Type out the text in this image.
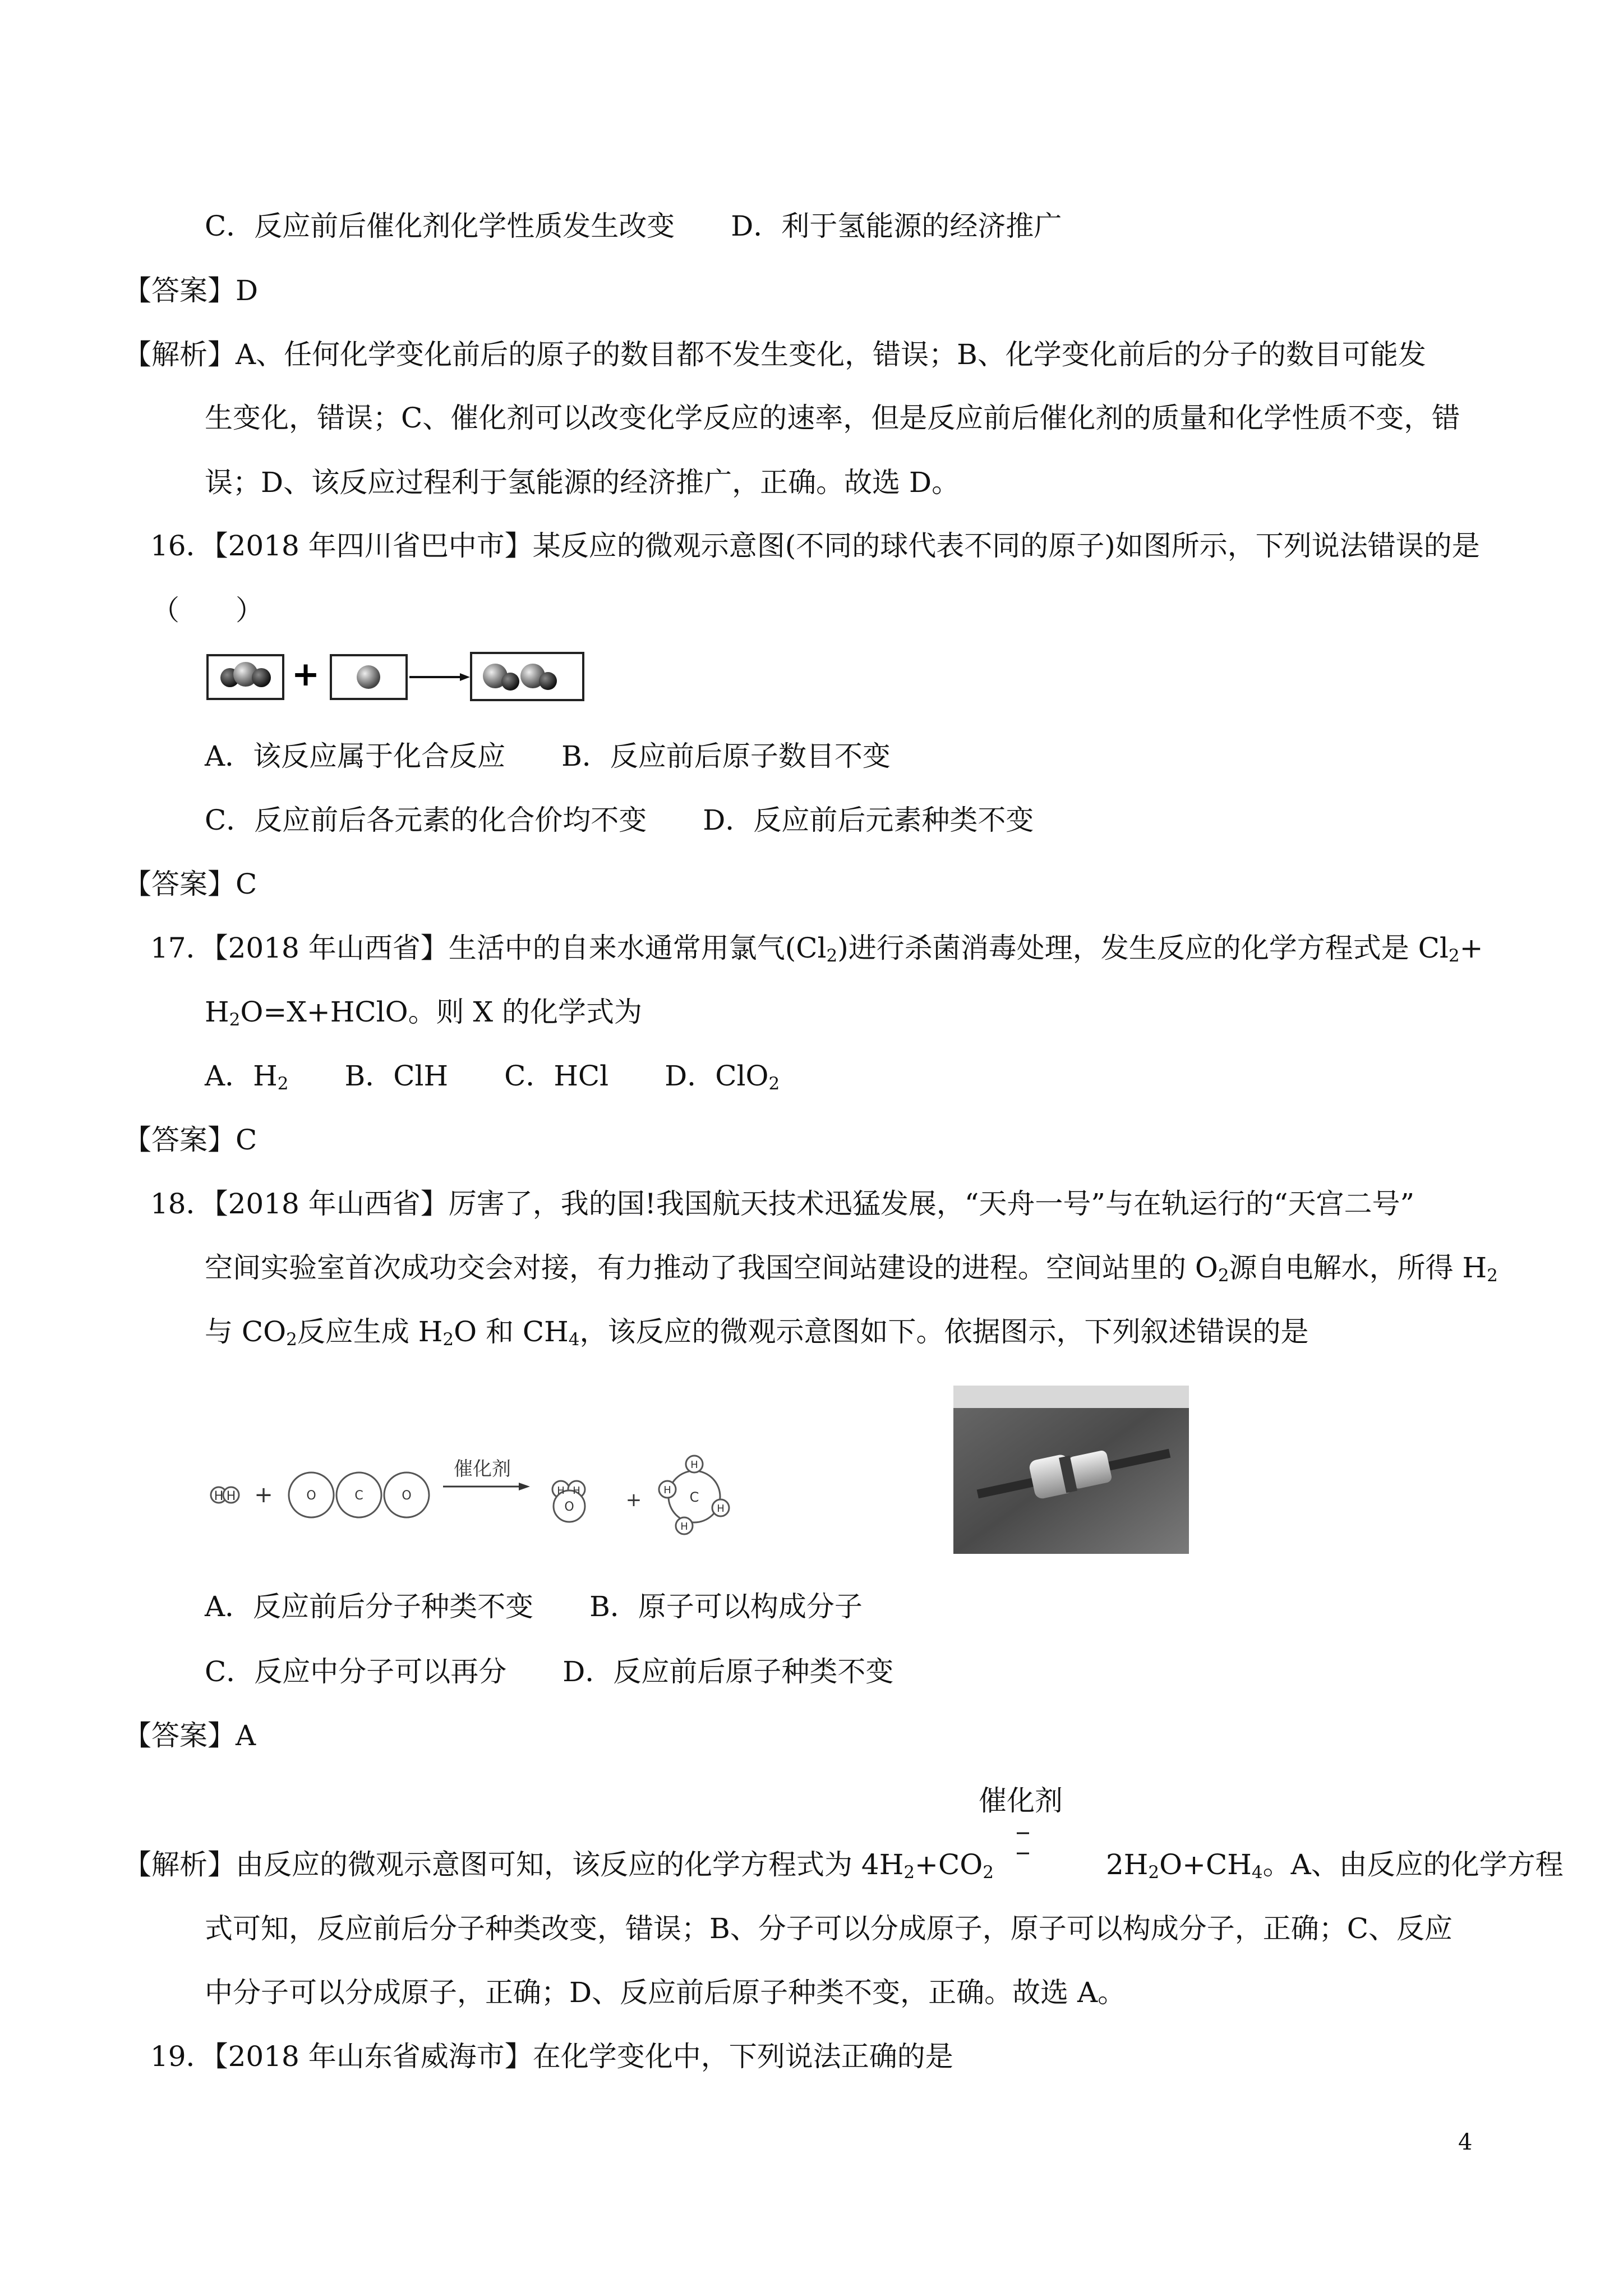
C．反应前后催化剂化学性质发生改变　　D．利于氢能源的经济推广
【答案】D
【解析】A、任何化学变化前后的原子的数目都不发生变化，错误；B、化学变化前后的分子的数目可能发
生变化，错误；C、催化剂可以改变化学反应的速率，但是反应前后催化剂的质量和化学性质不变，错
误；D、该反应过程利于氢能源的经济推广，正确。故选 D。
16．【2018 年四川省巴中市】某反应的微观示意图(不同的球代表不同的原子)如图所示，下列说法错误的是
（　　）
+
A．该反应属于化合反应　　B．反应前后原子数目不变
C．反应前后各元素的化合价均不变　　D．反应前后元素种类不变
【答案】C
17．【2018 年山西省】生活中的自来水通常用氯气$(Cl_2)$进行杀菌消毒处理，发生反应的化学方程式是 $Cl_2+$
$H_2O=X+HClO$。则 X 的化学式为
A．$H_2$　　 B．ClH　　 C．HCl　　 D．ClO$_2$
【答案】C
18．【2018 年山西省】厉害了，我的国!我国航天技术迅猛发展，“天舟一号”与在轨运行的“天宫二号”
空间实验室首次成功交会对接，有力推动了我国空间站建设的进程。空间站里的 $O_2$源自电解水，所得 $H_2$
与 $CO_2$反应生成 $H_2O$ 和 $CH_4$，该反应的微观示意图如下。依据图示，下列叙述错误的是
H H +	O	C	O
催化剂
H H
O	+	C
H
H
H
H
A．反应前后分子种类不变　　B．原子可以构成分子
C．反应中分子可以再分　　D．反应前后原子种类不变
【答案】A
催化剂
【解析】由反应的微观示意图可知，该反应的化学方程式为 $4H_2+CO_2$　　　　	$2H_2O+CH_4$。A、由反应的化学方程
式可知，反应前后分子种类改变，错误；B、分子可以分成原子，原子可以构成分子，正确；C、反应
中分子可以分成原子，正确；D、反应前后原子种类不变，正确。故选 A。
19．【2018 年山东省威海市】在化学变化中，下列说法正确的是
4
